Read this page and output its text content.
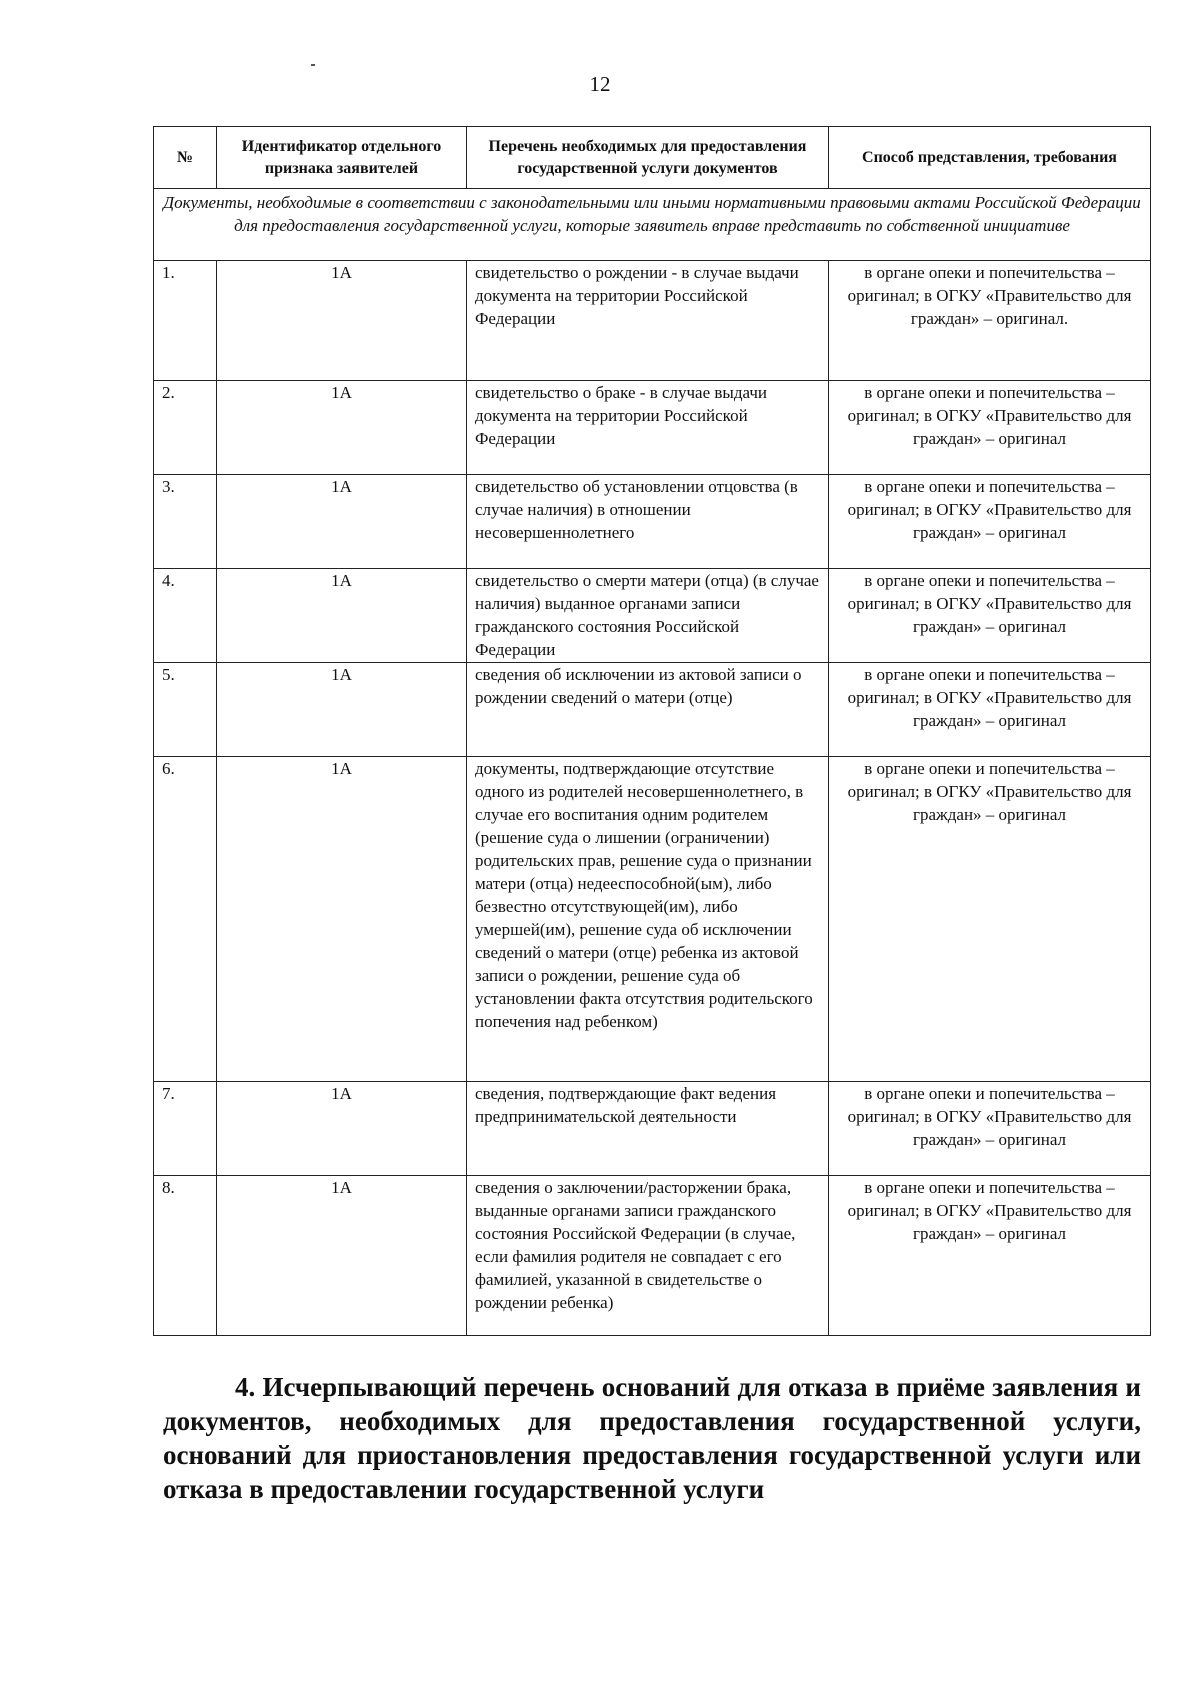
12
№	Идентификатор отдельного признака заявителей	Перечень необходимых для предоставления государственной услуги документов	Способ представления, требования
Документы, необходимые в соответствии с законодательными или иными нормативными правовыми актами Российской Федерации для предоставления государственной услуги, которые заявитель вправе представить по собственной инициативе			
1.	1А	свидетельство о рождении - в случае выдачи документа на территории Российской Федерации	в органе опеки и попечительства – оригинал; в ОГКУ «Правительство для граждан» – оригинал.
2.	1А	свидетельство о браке - в случае выдачи документа на территории Российской Федерации	в органе опеки и попечительства – оригинал; в ОГКУ «Правительство для граждан» – оригинал
3.	1А	свидетельство об установлении отцовства (в случае наличия) в отношении несовершеннолетнего	в органе опеки и попечительства – оригинал; в ОГКУ «Правительство для граждан» – оригинал
4.	1А	свидетельство о смерти матери (отца) (в случае наличия) выданное органами записи гражданского состояния Российской Федерации	в органе опеки и попечительства – оригинал; в ОГКУ «Правительство для граждан» – оригинал
5.	1А	сведения об исключении из актовой записи о рождении сведений о матери (отце)	в органе опеки и попечительства – оригинал; в ОГКУ «Правительство для граждан» – оригинал
6.	1А	документы, подтверждающие отсутствие одного из родителей несовершеннолетнего, в случае его воспитания одним родителем (решение суда о лишении (ограничении) родительских прав, решение суда о признании матери (отца) недееспособной(ым), либо безвестно отсутствующей(им), либо умершей(им), решение суда об исключении сведений о матери (отце) ребенка из актовой записи о рождении, решение суда об установлении факта отсутствия родительского попечения над ребенком)	в органе опеки и попечительства – оригинал; в ОГКУ «Правительство для граждан» – оригинал
7.	1А	сведения, подтверждающие факт ведения предпринимательской деятельности	в органе опеки и попечительства – оригинал; в ОГКУ «Правительство для граждан» – оригинал
8.	1А	сведения о заключении/расторжении брака, выданные органами записи гражданского состояния Российской Федерации (в случае, если фамилия родителя не совпадает с его фамилией, указанной в свидетельстве о рождении ребенка)	в органе опеки и попечительства – оригинал; в ОГКУ «Правительство для граждан» – оригинал
4. Исчерпывающий перечень оснований для отказа в приёме заявления и документов, необходимых для предоставления государственной услуги, оснований для приостановления предоставления государственной услуги или отказа в предоставлении государственной услуги
